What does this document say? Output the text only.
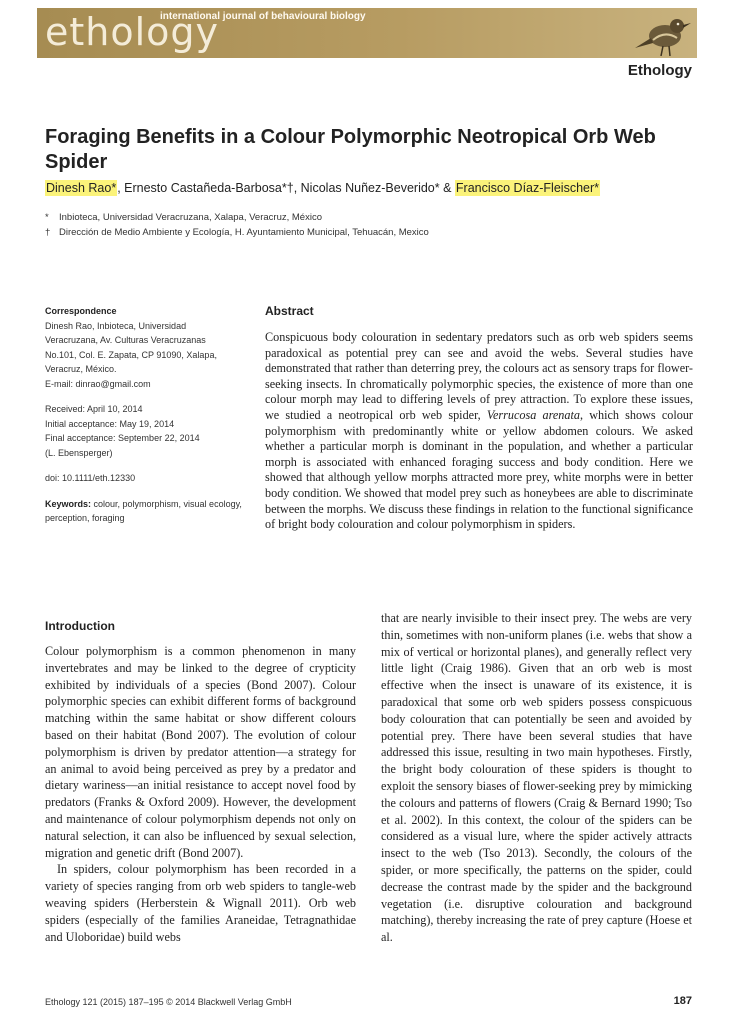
ethology
international journal of behavioural biology
Ethology
Foraging Benefits in a Colour Polymorphic Neotropical Orb Web Spider
Dinesh Rao*, Ernesto Castañeda-Barbosa*†, Nicolas Nuñez-Beverido* & Francisco Díaz-Fleischer*
* Inbioteca, Universidad Veracruzana, Xalapa, Veracruz, México
† Dirección de Medio Ambiente y Ecología, H. Ayuntamiento Municipal, Tehuacán, Mexico
Correspondence
Dinesh Rao, Inbioteca, Universidad
Veracruzana, Av. Culturas Veracruzanas
No.101, Col. E. Zapata, CP 91090, Xalapa,
Veracruz, México.
E-mail: dinrao@gmail.com
Received: April 10, 2014
Initial acceptance: May 19, 2014
Final acceptance: September 22, 2014
(L. Ebensperger)
doi: 10.1111/eth.12330
Keywords: colour, polymorphism, visual ecology, perception, foraging
Abstract
Conspicuous body colouration in sedentary predators such as orb web spiders seems paradoxical as potential prey can see and avoid the webs. Several studies have demonstrated that rather than deterring prey, the colours act as sensory traps for flower-seeking insects. In chromatically polymorphic species, the existence of more than one colour morph may lead to differing levels of prey attraction. To explore these issues, we studied a neotropical orb web spider, Verrucosa arenata, which shows colour polymorphism with predominantly white or yellow abdomen colours. We asked whether a particular morph is dominant in the population, and whether a particular morph is associated with enhanced foraging success and body condition. Here we showed that although yellow morphs attracted more prey, white morphs were in better body condition. We showed that model prey such as honeybees are able to discriminate between the morphs. We discuss these findings in relation to the functional significance of bright body colouration and colour polymorphism in spiders.
Introduction

Colour polymorphism is a common phenomenon in many invertebrates and may be linked to the degree of crypticity exhibited by individuals of a species (Bond 2007). Colour polymorphic species can exhibit different forms of background matching within the same habitat or show different colours based on their habitat (Bond 2007). The evolution of colour polymorphism is driven by predator attention—a strategy for an animal to avoid being perceived as prey by a predator and dietary wariness—an initial resistance to accept novel food by predators (Franks & Oxford 2009). However, the development and maintenance of colour polymorphism depends not only on natural selection, it can also be influenced by sexual selection, migration and genetic drift (Bond 2007).

In spiders, colour polymorphism has been recorded in a variety of species ranging from orb web spiders to tangle-web weaving spiders (Herberstein & Wignall 2011). Orb web spiders (especially of the families Araneidae, Tetragnathidae and Uloboridae) build webs

that are nearly invisible to their insect prey. The webs are very thin, sometimes with non-uniform planes (i.e. webs that show a mix of vertical or horizontal planes), and generally reflect very little light (Craig 1986). Given that an orb web is most effective when the insect is unaware of its existence, it is paradoxical that some orb web spiders possess conspicuous body colouration that can potentially be seen and avoided by potential prey. There have been several studies that have addressed this issue, resulting in two main hypotheses. Firstly, the bright body colouration of these spiders is thought to exploit the sensory biases of flower-seeking prey by mimicking the colours and patterns of flowers (Craig & Bernard 1990; Tso et al. 2002). In this context, the colour of the spiders can be considered as a visual lure, where the spider actively attracts insect to the web (Tso 2013). Secondly, the colours of the spider, or more specifically, the patterns on the spider, could decrease the contrast made by the spider and the background vegetation (i.e. disruptive colouration and background matching), thereby increasing the rate of prey capture (Hoese et al.

Ethology 121 (2015) 187–195 © 2014 Blackwell Verlag GmbH	187
